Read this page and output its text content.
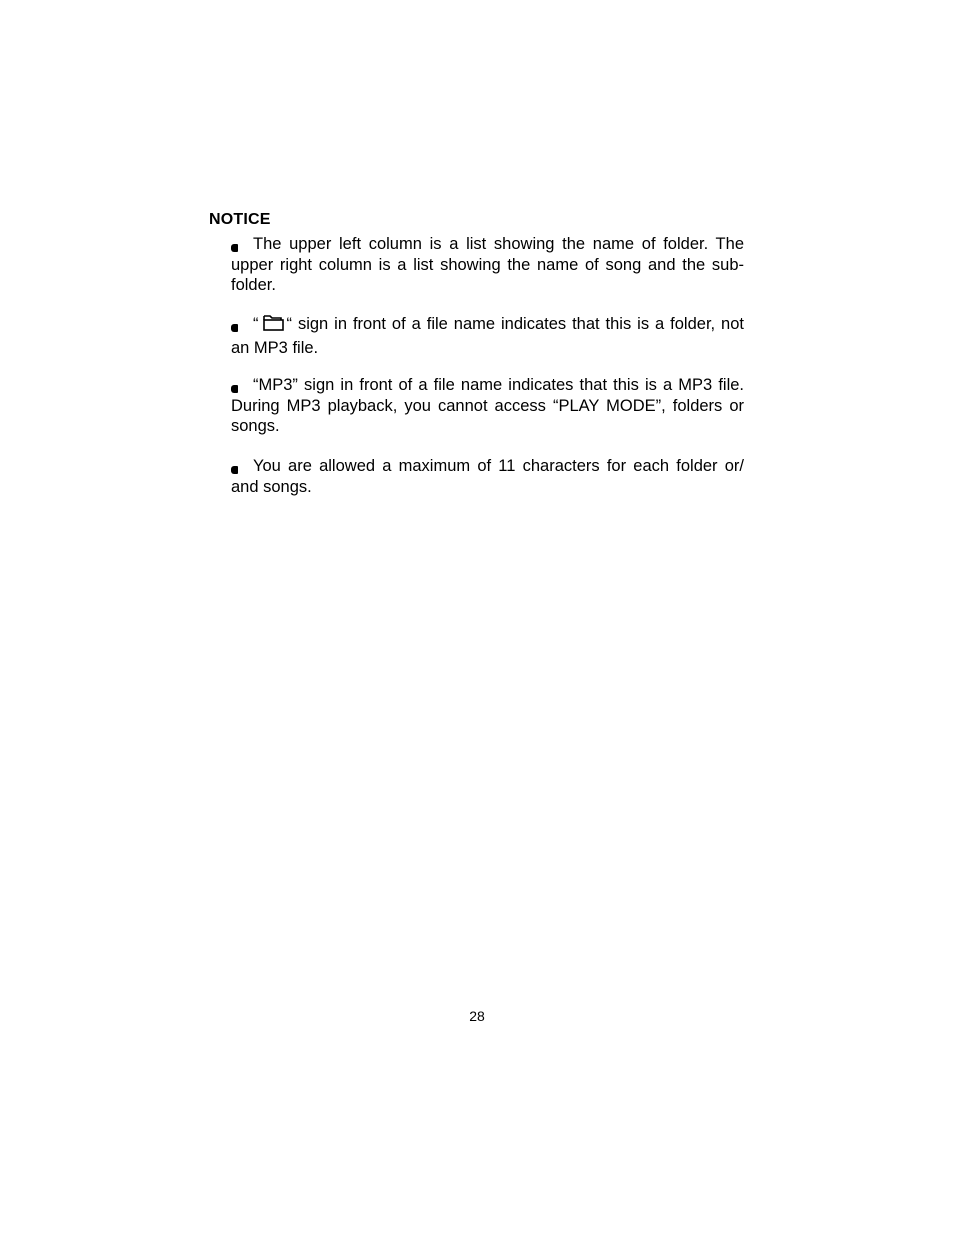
NOTICE
The upper left column is a list showing the name of folder. The upper right column is a list showing the name of song and the sub-folder.
“ “ sign in front of a file name indicates that this is a folder, not an MP3 file.
“MP3” sign in front of a file name indicates that this is a MP3 file. During MP3 playback, you cannot access “PLAY MODE”, folders or songs.
You are allowed a maximum of 11 characters for each folder or/ and songs.
28
